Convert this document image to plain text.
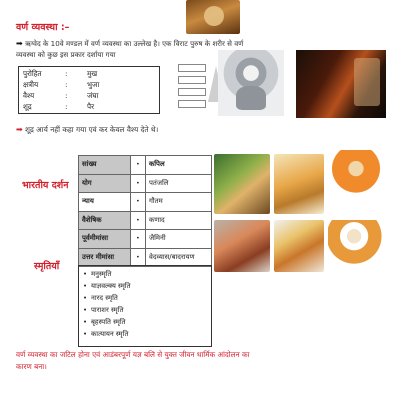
वर्ण व्यवस्था :–
➡ ऋग्वेद के 10वे मण्डल में वर्ण व्यवस्था का उल्लेख है। एक विराट पुरुष के शरीर से वर्ण
व्यवस्था को कुछ इस प्रकार दर्शाया गया
पुरोहित	:	मुख
क्षत्रीय	:	भुजा
वैश्य	:	जंघा
शूद्र	:	पैर
➡ शूद्र आर्य नहीं कहा गया एवं कर केवल वैश्य देते थे।
भारतीय दर्शन
सांख्य	•	कपिल
योग	•	पतंजलि
न्याय	•	गौतम
वैशेषिक	•	कणाद
पूर्वमीमांसा	•	जैमिनी
उत्तर मीमांसा	•	वेदव्यास/बादरायण
स्मृतियाँ
• मनुस्मृति
• याज्ञवल्क्य स्मृति
• नारद स्मृति
• पाराशर स्मृति
• बृहस्पति स्मृति
• कात्यायन स्मृति
वर्ण व्यवस्था का जटिल होना एवं आडंबरपूर्ण यज्ञ बलि से युक्त जीवन धार्मिक आंदोलन का
कारण बना।
